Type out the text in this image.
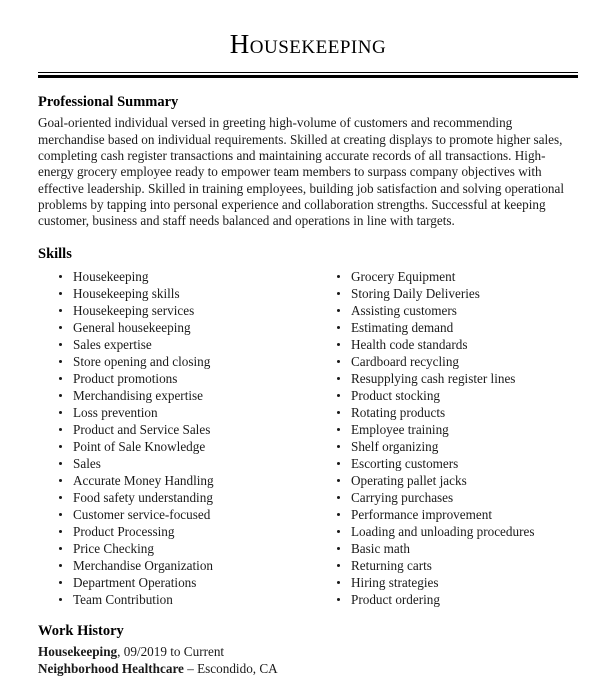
Housekeeping
Professional Summary

Goal-oriented individual versed in greeting high-volume of customers and recommending merchandise based on individual requirements. Skilled at creating displays to promote higher sales, completing cash register transactions and maintaining accurate records of all transactions. High-energy grocery employee ready to empower team members to surpass company objectives with effective leadership. Skilled in training employees, building job satisfaction and solving operational problems by tapping into personal experience and collaboration strengths. Successful at keeping customer, business and staff needs balanced and operations in line with targets.

Skills
Housekeeping
Housekeeping skills
Housekeeping services
General housekeeping
Sales expertise
Store opening and closing
Product promotions
Merchandising expertise
Loss prevention
Product and Service Sales
Point of Sale Knowledge
Sales
Accurate Money Handling
Food safety understanding
Customer service-focused
Product Processing
Price Checking
Merchandise Organization
Department Operations
Team Contribution
Grocery Equipment
Storing Daily Deliveries
Assisting customers
Estimating demand
Health code standards
Cardboard recycling
Resupplying cash register lines
Product stocking
Rotating products
Employee training
Shelf organizing
Escorting customers
Operating pallet jacks
Carrying purchases
Performance improvement
Loading and unloading procedures
Basic math
Returning carts
Hiring strategies
Product ordering
Work History

Housekeeping, 09/2019 to Current

Neighborhood Healthcare – Escondido, CA
